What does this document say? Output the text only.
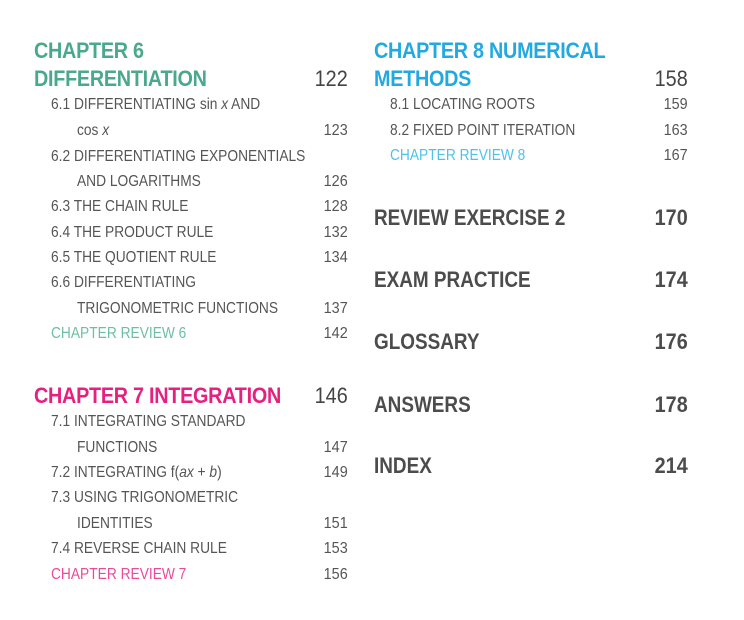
CHAPTER 6
DIFFERENTIATION	122
6.1 DIFFERENTIATING sin x AND
cos x	123
6.2 DIFFERENTIATING EXPONENTIALS
AND LOGARITHMS	126
6.3 THE CHAIN RULE	128
6.4 THE PRODUCT RULE	132
6.5 THE QUOTIENT RULE	134
6.6 DIFFERENTIATING
TRIGONOMETRIC FUNCTIONS	137
CHAPTER REVIEW 6	142
CHAPTER 7 INTEGRATION 146
7.1 INTEGRATING STANDARD
FUNCTIONS	147
7.2 INTEGRATING f(ax + b)	149
7.3 USING TRIGONOMETRIC
IDENTITIES	151
7.4 REVERSE CHAIN RULE	153
CHAPTER REVIEW 7	156
CHAPTER 8 NUMERICAL
METHODS	158
8.1 LOCATING ROOTS	159
8.2 FIXED POINT ITERATION	163
CHAPTER REVIEW 8	167
REVIEW EXERCISE 2	170
EXAM PRACTICE	174
GLOSSARY	176
ANSWERS	178
INDEX	214
